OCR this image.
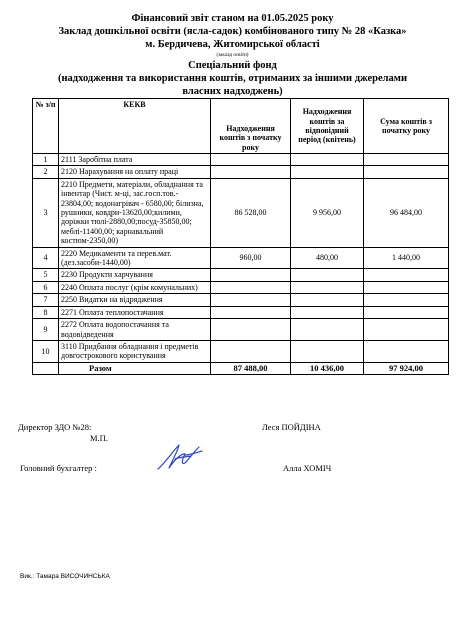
Фінансовий звіт станом на 01.05.2025 року
Заклад дошкільної освіти (ясла-садок) комбінованого типу № 28 «Казка»
м. Бердичева, Житомирської області
(заклад освіти)
Спеціальний фонд
(надходження та використання коштів, отриманих за іншими джерелами
власних надходжень)
№ з/п	КЕКВ	Надходження коштів з початку року	Надходження коштів за відповідний період (квітень)	Сума коштів з початку року
1	2111 Заробітна плата			
2	2120 Нарахування на оплату праці			
3	2210 Предмети, матеріали, обладнання та інвентар (Чист. м-ці, зас.госп.тов.- 23804,00; водонагрівач - 6580,00; білизна, рушники, ковдри-13620,00;килими, доріжки тюлі-2880,00;посуд-35850,00; меблі-11400,00; карнавальний костюм-2350,00)	86 528,00	9 956,00	96 484,00
4	2220 Медикаменти та перев.мат. (дез.засоби-1440,00)	960,00	480,00	1 440,00
5	2230 Продукти харчування			
6	2240 Оплата послуг (крім комунальних)			
7	2250 Видатки на відрядження			
8	2271 Оплата теплопостачання			
9	2272 Оплата водопостачання та водовідведення			
10	3110 Придбання обладнання і предметів довгострокового користування			
	Разом	87 488,00	10 436,00	97 924,00
Директор ЗДО №28:	Леся ПОЙДІНА
М.П.
Головний бухгалтер :	Алла ХОМІЧ
Вик.: Тамара ВИСОЧИНСЬКА
